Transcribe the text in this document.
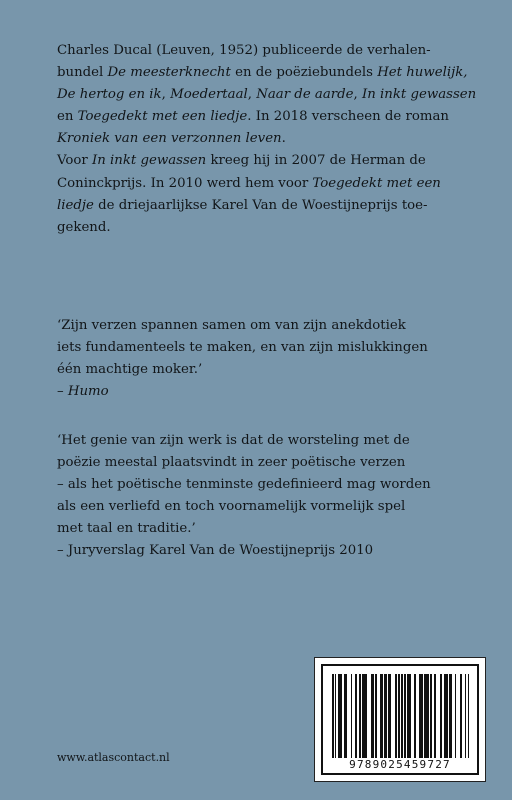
Charles Ducal (Leuven, 1952) publiceerde de verhalen-

bundel De meesterknecht en de poëziebundels Het huwelijk,

De hertog en ik, Moedertaal, Naar de aarde, In inkt gewassen

en Toegedekt met een liedje. In 2018 verscheen de roman

Kroniek van een verzonnen leven.

Voor In inkt gewassen kreeg hij in 2007 de Herman de

Coninckprijs. In 2010 werd hem voor Toegedekt met een

liedje de driejaarlijkse Karel Van de Woestijneprijs toe-

gekend.

‘Zijn verzen spannen samen om van zijn anekdotiek

iets fundamenteels te maken, en van zijn mislukkingen

één machtige moker.’

– Humo

‘Het genie van zijn werk is dat de worsteling met de

poëzie meestal plaatsvindt in zeer poëtische verzen

– als het poëtische tenminste gedefinieerd mag worden

als een verliefd en toch voornamelijk vormelijk spel

met taal en traditie.’

– Juryverslag Karel Van de Woestijneprijs 2010

www.atlascontact.nl
9789025459727
